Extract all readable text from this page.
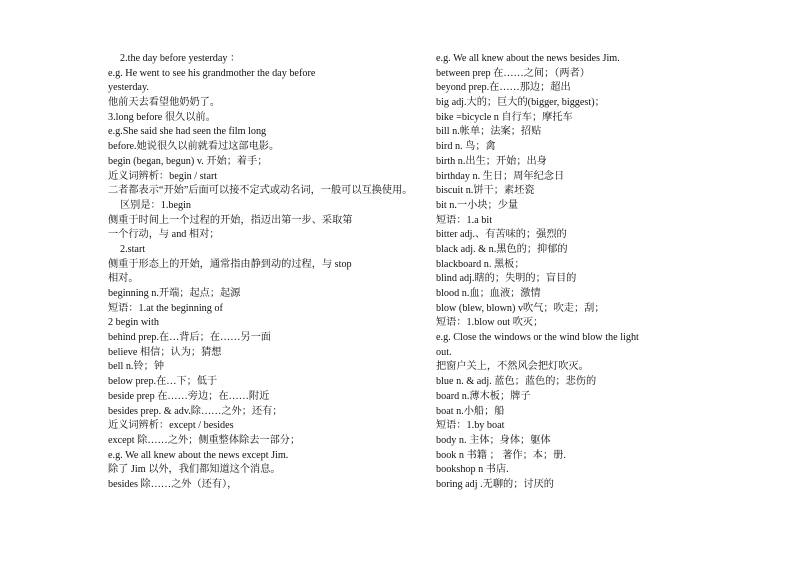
2.the day before yesterday ：
e.g. He went to see his grandmother the day before
yesterday.
他前天去看望他奶奶了。
3.long before 很久以前。
e.g.She said she had seen the film long
before.她说很久以前就看过这部电影。
begin (began, begun) v. 开始；着手；
近义词辨析：begin / start
二者都表示“开始”后面可以接不定式或动名词，一般可以互换使用。
区别是：1.begin
侧重于时间上一个过程的开始，指迈出第一步、采取第
一个行动，与 and 相对；
2.start
侧重于形态上的开始，通常指由静到动的过程，与 stop
相对。
beginning n.开端；起点；起源
短语：1.at the beginning of
2 begin with
behind prep.在…背后；在……另一面
believe 相信；认为；猜想
bell n.铃；钟
below prep.在…下；低于
beside prep 在……旁边；在……附近
besides prep. & adv.除……之外；还有；
近义词辨析：except / besides
except 除……之外；侧重整体除去一部分；
e.g. We all knew about the news except Jim.
除了 Jim 以外，我们都知道这个消息。
besides 除……之外（还有），
e.g. We all knew about the news besides Jim.
between prep 在……之间；（两者）
beyond prep.在……那边；超出
big adj.大的；巨大的(bigger, biggest)；
bike =bicycle n 自行车；摩托车
bill n.帐单；法案；招贴
bird n. 鸟；禽
birth n.出生；开始；出身
birthday n. 生日；周年纪念日
biscuit n.饼干；素坯瓷
bit n.一小块；少量
短语：1.a bit
bitter adj.、有苦味的；强烈的
black adj. & n.黑色的；抑郁的
blackboard n. 黑板；
blind adj.瞎的；失明的；盲目的
blood n.血；血液；激情
blow (blew, blown) v吹气；吹走；刮；
短语：1.blow out 吹灭；
e.g. Close the windows or the wind blow the light
out.
把窗户关上，不然风会把灯吹灭。
blue n. & adj. 蓝色；蓝色的；悲伤的
board n.薄木板；牌子
boat n.小船；船
短语：1.by boat
body n. 主体；身体；躯体
book n 书籍 ； 著作；本；册.
bookshop n 书店.
boring adj .无聊的；讨厌的
